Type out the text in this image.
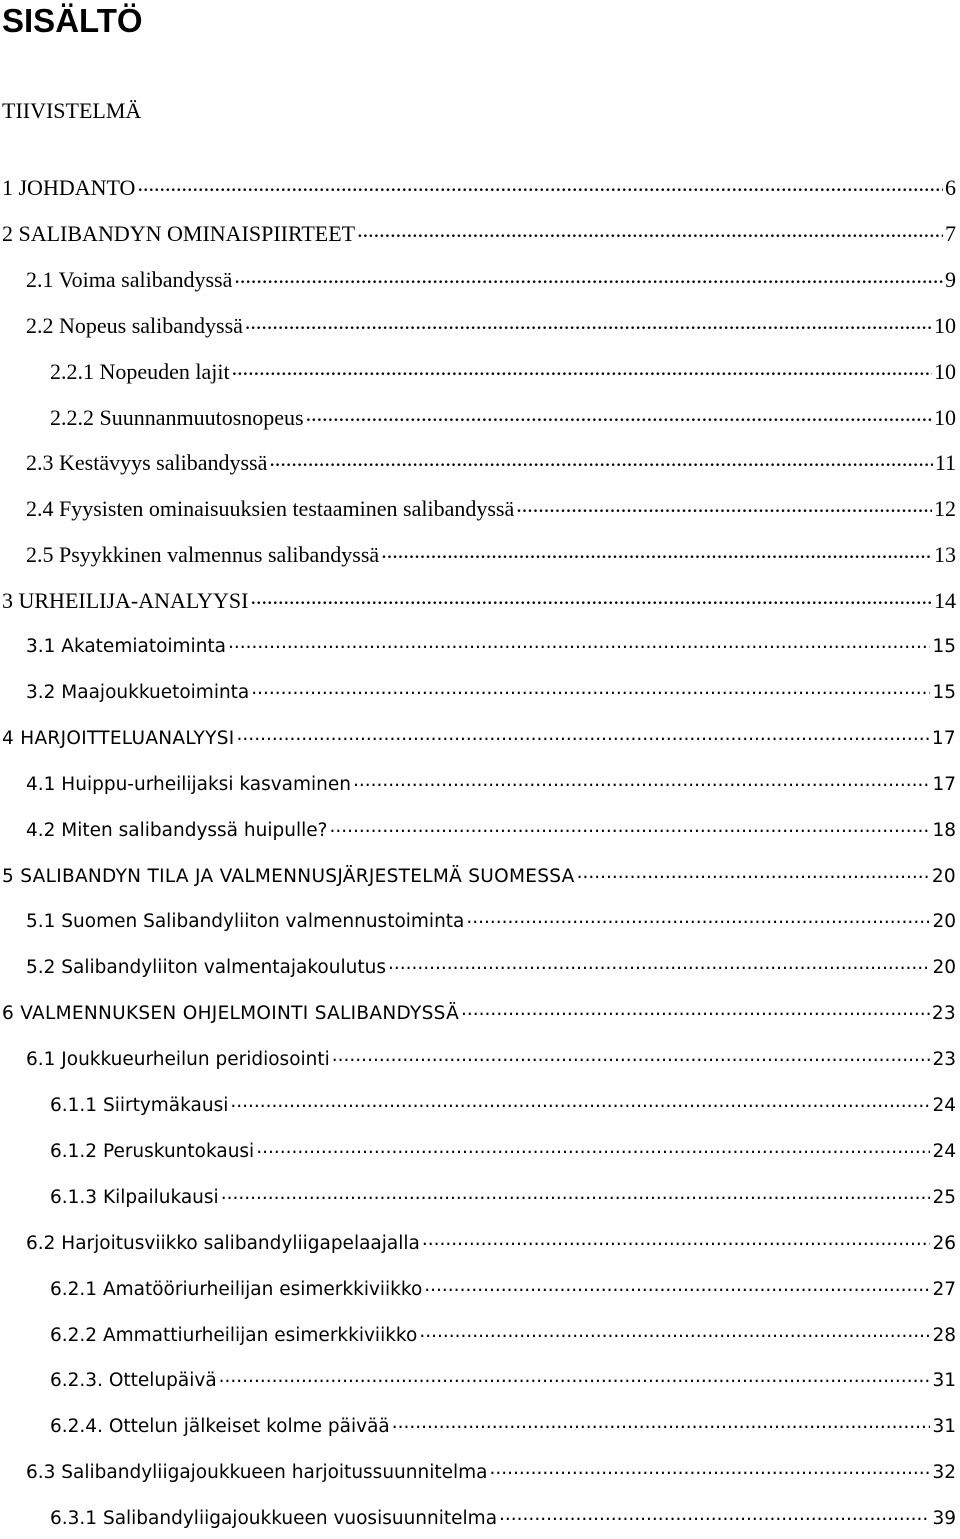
SISÄLTÖ
TIIVISTELMÄ
1 JOHDANTO .....	6
2 SALIBANDYN OMINAISPIIRTEET .....	7
2.1 Voima salibandyssä .....	9
2.2 Nopeus salibandyssä .....	10
2.2.1 Nopeuden lajit .....	10
2.2.2 Suunnanmuutosnopeus .....	10
2.3 Kestävyys salibandyssä .....	11
2.4 Fyysisten ominaisuuksien testaaminen salibandyssä .....	12
2.5 Psyykkinen valmennus salibandyssä .....	13
3 URHEILIJA-ANALYYSI .....	14
3.1 Akatemiatoiminta .....	15
3.2 Maajoukkuetoiminta .....	15
4 HARJOITTELUANALYYSI .....	17
4.1 Huippu-urheilijaksi kasvaminen .....	17
4.2 Miten salibandyssä huipulle? .....	18
5 SALIBANDYN TILA JA VALMENNUSJÄRJESTELMÄ SUOMESSA .....	20
5.1 Suomen Salibandyliiton valmennustoiminta .....	20
5.2 Salibandyliiton valmentajakoulutus .....	20
6 VALMENNUKSEN OHJELMOINTI SALIBANDYSSÄ .....	23
6.1 Joukkueurheilun peridiosointi .....	23
6.1.1 Siirtymäkausi .....	24
6.1.2 Peruskuntokausi .....	24
6.1.3 Kilpailukausi .....	25
6.2 Harjoitusviikko salibandyliigapelaajalla .....	26
6.2.1 Amatööriurheilijan esimerkkiviikko .....	27
6.2.2 Ammattiurheilijan esimerkkiviikko .....	28
6.2.3. Ottelupäivä .....	31
6.2.4. Ottelun jälkeiset kolme päivää .....	31
6.3 Salibandyliigajoukkueen harjoitussuunnitelma .....	32
6.3.1 Salibandyliigajoukkueen vuosisuunnitelma .....	39
